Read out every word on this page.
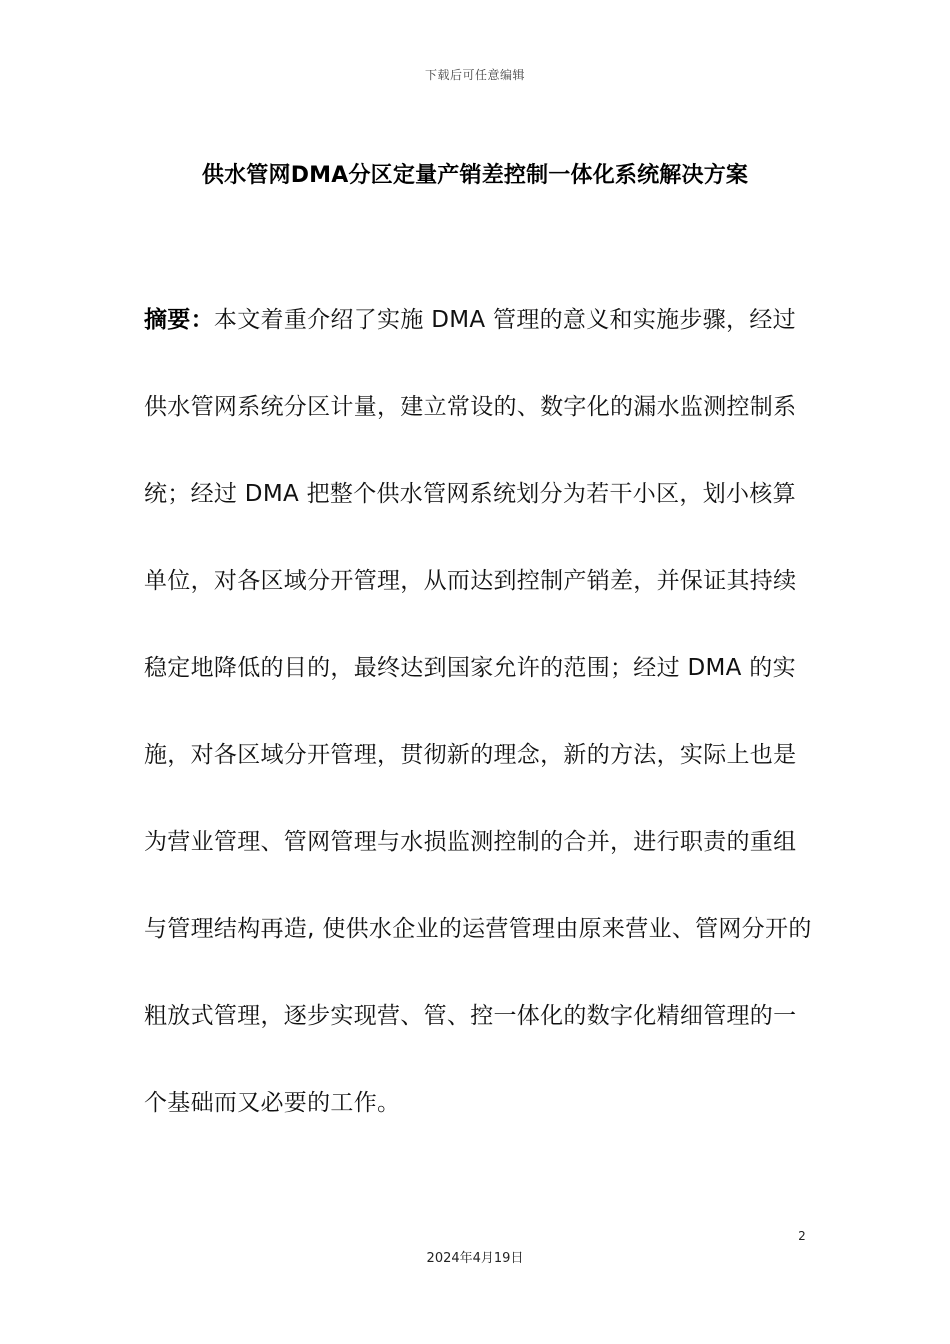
下载后可任意编辑
供水管网DMA分区定量产销差控制一体化系统解决方案
摘要：本文着重介绍了实施 DMA 管理的意义和实施步骤，经过
供水管网系统分区计量，建立常设的、数字化的漏水监测控制系
统；经过 DMA 把整个供水管网系统划分为若干小区，划小核算
单位，对各区域分开管理，从而达到控制产销差，并保证其持续
稳定地降低的目的，最终达到国家允许的范围；经过 DMA 的实
施，对各区域分开管理，贯彻新的理念，新的方法，实际上也是
为营业管理、管网管理与水损监测控制的合并，进行职责的重组
与管理结构再造, 使供水企业的运营管理由原来营业、管网分开的
粗放式管理，逐步实现营、管、控一体化的数字化精细管理的一
个基础而又必要的工作。
2
2024年4月19日
